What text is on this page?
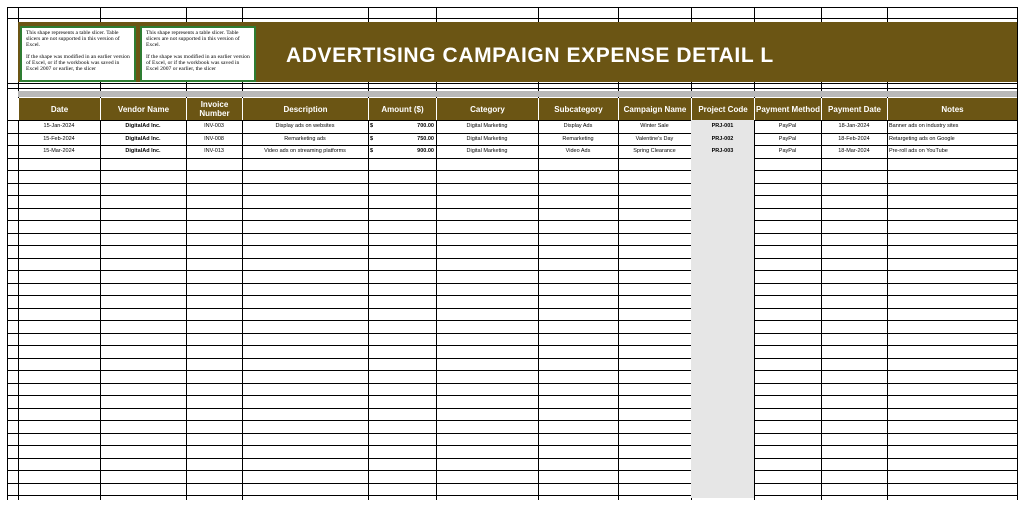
ADVERTISING CAMPAIGN EXPENSE DETAIL L

This shape represents a table slicer. Table slicers are not supported in this version of Excel.

If the shape was modified in an earlier version of Excel, or if the workbook was saved in Excel 2007 or earlier, the slicer

This shape represents a table slicer. Table slicers are not supported in this version of Excel.

If the shape was modified in an earlier version of Excel, or if the workbook was saved in Excel 2007 or earlier, the slicer

Date	Vendor Name	Invoice Number	Description	Amount ($)	Category	Subcategory	Campaign Name	Project Code	Payment Method	Payment Date	Notes
15-Jan-2024	DigitalAd Inc.	INV-003	Display ads on websites	$	700.00	Digital Marketing	Display Ads	Winter Sale	PRJ-001	PayPal	18-Jan-2024	Banner ads on industry sites
15-Feb-2024	DigitalAd Inc.	INV-008	Remarketing ads	$	750.00	Digital Marketing	Remarketing	Valentine's Day	PRJ-002	PayPal	18-Feb-2024	Retargeting ads on Google
15-Mar-2024	DigitalAd Inc.	INV-013	Video ads on streaming platforms	$	900.00	Digital Marketing	Video Ads	Spring Clearance	PRJ-003	PayPal	18-Mar-2024	Pre-roll ads on YouTube
